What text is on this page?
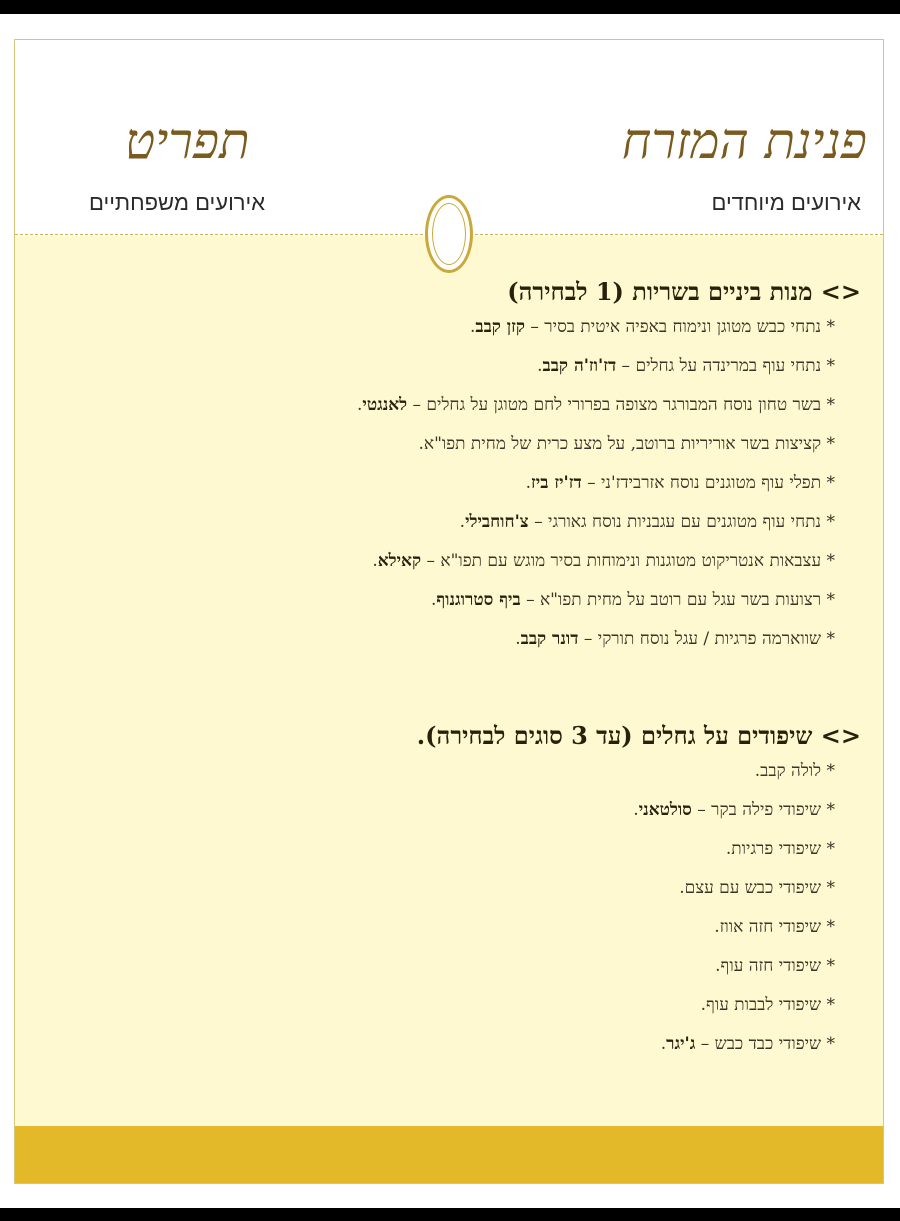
פנינת המזרח
אירועים מיוחדים
תפריט
אירועים משפחתיים
<> מנות ביניים בשריות (1 לבחירה)
* נתחי כבש מטוגן ונימוח באפיה איטית בסיר – קזן קבב.
* נתחי עוף במרינדה על גחלים – דז'וז'ה קבב.
* בשר טחון נוסח המבורגר מצופה בפרורי לחם מטוגן על גחלים – לאנגטי.
* קציצות בשר אוריריות ברוטב, על מצע כרית של מחית תפו"א.
* תפלי עוף מטוגנים נוסח אזרבידז'ני – דז'יז ביז.
* נתחי עוף מטוגנים עם עגבניות נוסח גאורגי – צ'חוחבילי.
* עצבאות אנטריקוט מטוגנות ונימוחות בסיר מוגש עם תפו"א – קאילא.
* רצועות בשר עגל עם רוטב על מחית תפו"א – ביף סטרוגנוף.
* שווארמה פרגיות / עגל נוסח תורקי – דונר קבב.
<> שיפודים על גחלים (עד 3 סוגים לבחירה).
* לולה קבב.
* שיפודי פילה בקר – סולטאני.
* שיפודי פרגיות.
* שיפודי כבש עם עצם.
* שיפודי חזה אווז.
* שיפודי חזה עוף.
* שיפודי לבבות עוף.
* שיפודי כבד כבש – ג'יגר.
